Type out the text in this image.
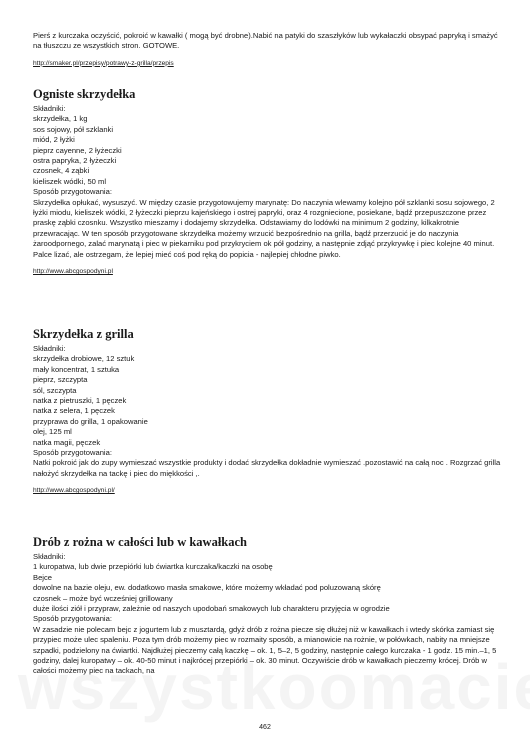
Pierś z kurczaka oczyścić, pokroić w kawałki ( mogą być drobne).Nabić na patyki do szaszłyków lub wykałaczki obsypać papryką i smażyć na tłuszczu ze wszystkich stron. GOTOWE.

http://smaker.pl/przepisy/potrawy-z-grilla/przepis
Ogniste skrzydełka
Składniki:
skrzydełka, 1 kg
sos sojowy, pół szklanki
miód, 2 łyżki
pieprz cayenne, 2 łyżeczki
ostra papryka, 2 łyżeczki
czosnek, 4 ząbki
kieliszek wódki, 50 ml
Sposób przygotowania:

Skrzydełka opłukać, wysuszyć. W między czasie przygotowujemy marynatę: Do naczynia wlewamy kolejno pół szklanki sosu sojowego, 2 łyżki miodu, kieliszek wódki, 2 łyżeczki pieprzu kajeńskiego i ostrej papryki, oraz 4 rozgniecione, posiekane, bądź przepuszczone przez praskę ząbki czosnku. Wszystko mieszamy i dodajemy skrzydełka. Odstawiamy do lodówki na minimum 2 godziny, kilkakrotnie przewracając. W ten sposób przygotowane skrzydełka możemy wrzucić bezpośrednio na grilla, bądź przerzucić je do naczynia żaroodpornego, zalać marynatą i piec w piekarniku pod przykryciem ok pół godziny, a następnie zdjąć przykrywkę i piec kolejne 40 minut. Palce lizać, ale ostrzegam, że lepiej mieć coś pod ręką do popicia - najlepiej chłodne piwko.

http://www.abcgospodyni.pl
Skrzydełka z grilla
Składniki:
skrzydełka drobiowe, 12 sztuk
mały koncentrat, 1 sztuka
pieprz, szczypta
sól, szczypta
natka z pietruszki, 1 pęczek
natka z selera, 1 pęczek
przyprawa do grilla, 1 opakowanie
olej, 125 ml
natka magii, pęczek
Sposób przygotowania:

Natki pokroić jak do zupy wymieszać wszystkie produkty i dodać skrzydełka dokładnie wymieszać .pozostawić na całą noc . Rozgrzać grilla nałożyć skrzydełka na tackę i piec do miękkości ,.

http://www.abcgospodyni.pl/
Drób z rożna w całości lub w kawałkach
Składniki:
1 kuropatwa, lub dwie przepiórki lub ćwiartka kurczaka/kaczki na osobę
Bejce
dowolne na bazie oleju, ew. dodatkowo masła smakowe, które możemy wkładać pod poluzowaną skórę
czosnek – może być wcześniej grillowany
duże ilości ziół i przypraw, zależnie od naszych upodobań smakowych lub charakteru przyjęcia w ogrodzie
Sposób przygotowania:

W zasadzie nie polecam bejc z jogurtem lub z musztardą, gdyż drób z rożna piecze się dłużej niż w kawałkach i wtedy skórka zamiast się przypiec może ulec spaleniu. Poza tym drób możemy piec w rozmaity sposób, a mianowicie na rożnie, w połówkach, nabity na mniejsze szpadki, podzielony na ćwiartki. Najdłużej pieczemy całą kaczkę – ok. 1, 5–2, 5 godziny, następnie całego kurczaka - 1 godz. 15 min.–1, 5 godziny, dalej kuropatwy – ok. 40-50 minut i najkrócej przepiórki – ok. 30 minut. Oczywiście drób w kawałkach pieczemy krócej. Drób w całości możemy piec na tackach, na

462
